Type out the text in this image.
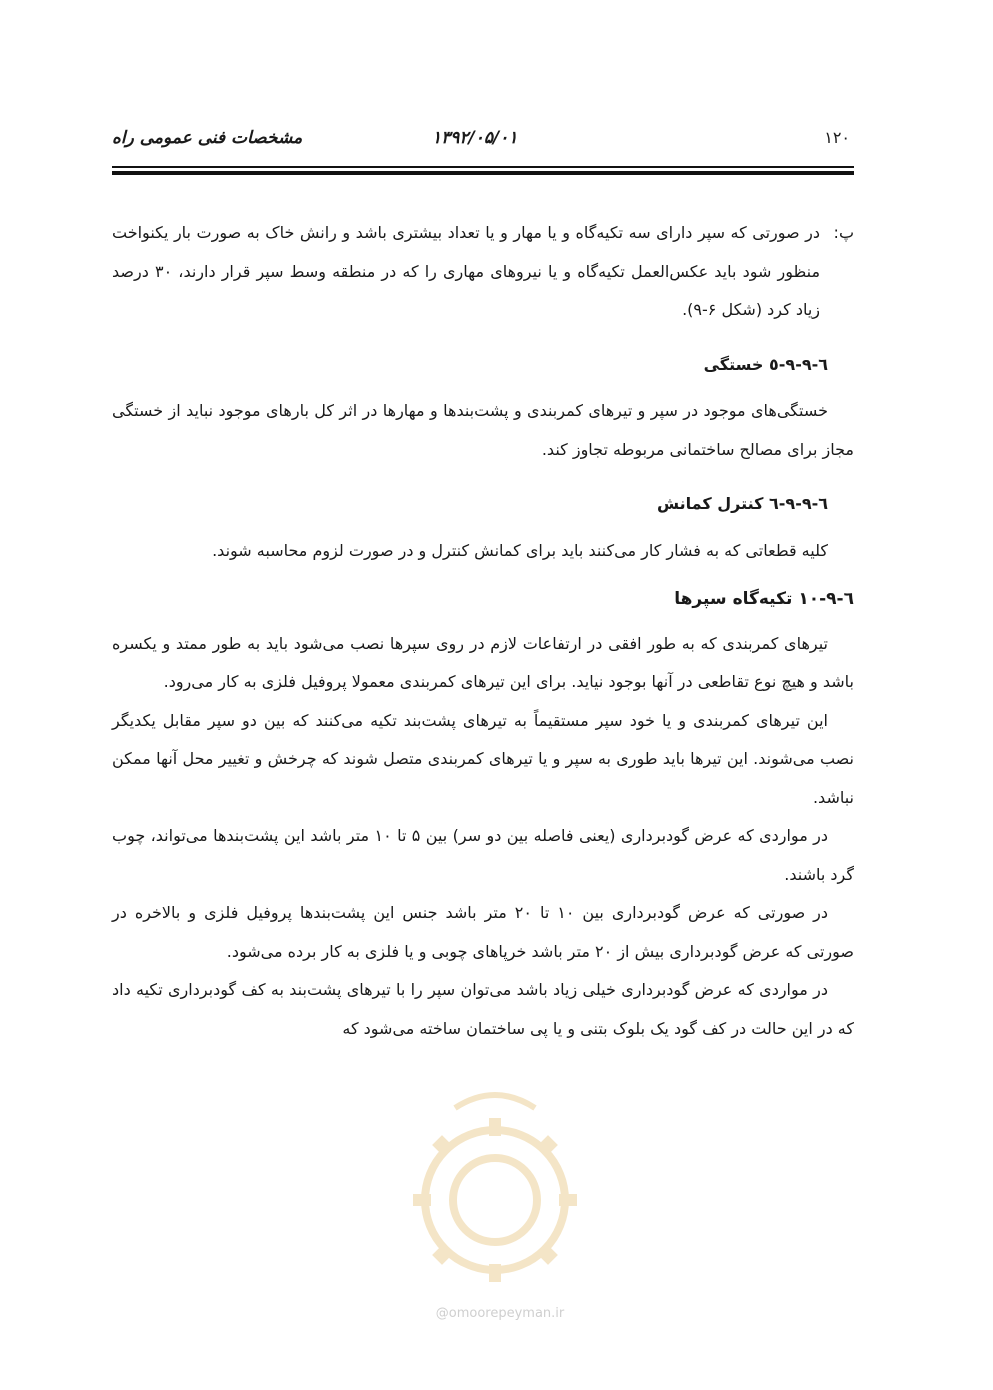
۱۲۰
۱۳۹۲/۰۵/۰۱
مشخصات فنی عمومی راه
پ:
در صورتی که سپر دارای سه تکیه‌گاه و یا مهار و یا تعداد بیشتری باشد و رانش خاک به صورت بار یکنواخت منظور شود باید عکس‌العمل تکیه‌گاه و یا نیروهای مهاری را که در منطقه وسط سپر قرار دارند، ۳۰ درصد زیاد کرد (شکل ۶-۹).
٦-٩-٩-٥ خستگی

خستگی‌های موجود در سپر و تیرهای کمربندی و پشت‌بندها و مهارها در اثر کل بارهای موجود نباید از خستگی مجاز برای مصالح ساختمانی مربوطه تجاوز کند.

٦-٩-٩-٦ کنترل کمانش

کلیه قطعاتی که به فشار کار می‌کنند باید برای کمانش کنترل و در صورت لزوم محاسبه شوند.

٦-٩-١٠ تکیه‌گاه سپرها

تیرهای کمربندی که به طور افقی در ارتفاعات لازم در روی سپرها نصب می‌شود باید به طور ممتد و یکسره باشد و هیچ نوع تقاطعی در آنها بوجود نیاید. برای این تیرهای کمربندی معمولا پروفیل فلزی به کار می‌رود.

این تیرهای کمربندی و یا خود سپر مستقیماً به تیرهای پشت‌بند تکیه می‌کنند که بین دو سپر مقابل یکدیگر نصب می‌شوند. این تیرها باید طوری به سپر و یا تیرهای کمربندی متصل شوند که چرخش و تغییر محل آنها ممکن نباشد.

در مواردی که عرض گودبرداری (یعنی فاصله بین دو سر) بین ۵ تا ۱۰ متر باشد این پشت‌بندها می‌تواند، چوب گرد باشند.

در صورتی که عرض گودبرداری بین ۱۰ تا ۲۰ متر باشد جنس این پشت‌بندها پروفیل فلزی و بالاخره در صورتی که عرض گودبرداری بیش از ۲۰ متر باشد خرپاهای چوبی و یا فلزی به کار برده می‌شود.

در مواردی که عرض گودبرداری خیلی زیاد باشد می‌توان سپر را با تیرهای پشت‌بند به کف گودبرداری تکیه داد که در این حالت در کف گود یک بلوک بتنی و یا پی ساختمان ساخته می‌شود که

@omoorepeyman.ir
